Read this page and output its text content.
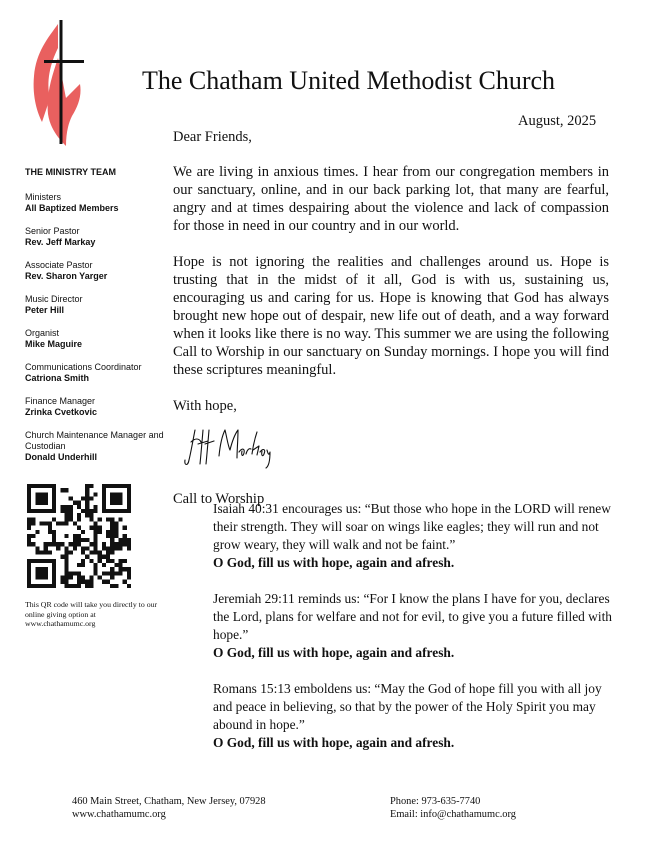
The Chatham United Methodist Church
August, 2025
THE MINISTRY TEAM
Ministers
All Baptized Members
Senior Pastor
Rev. Jeff Markay
Associate Pastor
Rev. Sharon Yarger
Music Director
Peter Hill
Organist
Mike Maguire
Communications Coordinator
Catriona Smith
Finance Manager
Zrinka Cvetkovic
Church Maintenance Manager and Custodian
Donald Underhill
This QR code will take you directly to our online giving option at www.chathamumc.org

Dear Friends,

We are living in anxious times. I hear from our congregation members in our sanctuary, online, and in our back parking lot, that many are fearful, angry and at times despairing about the violence and lack of compassion for those in need in our country and in our world.

Hope is not ignoring the realities and challenges around us. Hope is trusting that in the midst of it all, God is with us, sustaining us, encouraging us and caring for us. Hope is knowing that God has always brought new hope out of despair, new life out of death, and a way forward when it looks like there is no way. This summer we are using the following Call to Worship in our sanctuary on Sunday mornings. I hope you will find these scriptures meaningful.

With hope,

Call to Worship

Isaiah 40:31 encourages us: “But those who hope in the LORD will renew their strength. They will soar on wings like eagles; they will run and not grow weary, they will walk and not be faint.”
O God, fill us with hope, again and afresh.
Jeremiah 29:11 reminds us: “For I know the plans I have for you, declares the Lord, plans for welfare and not for evil, to give you a future filled with hope.”
O God, fill us with hope, again and afresh.
Romans 15:13 emboldens us: “May the God of hope fill you with all joy and peace in believing, so that by the power of the Holy Spirit you may abound in hope.”
O God, fill us with hope, again and afresh.
460 Main Street, Chatham, New Jersey, 07928
www.chathamumc.org
Phone: 973-635-7740
Email: info@chathamumc.org
